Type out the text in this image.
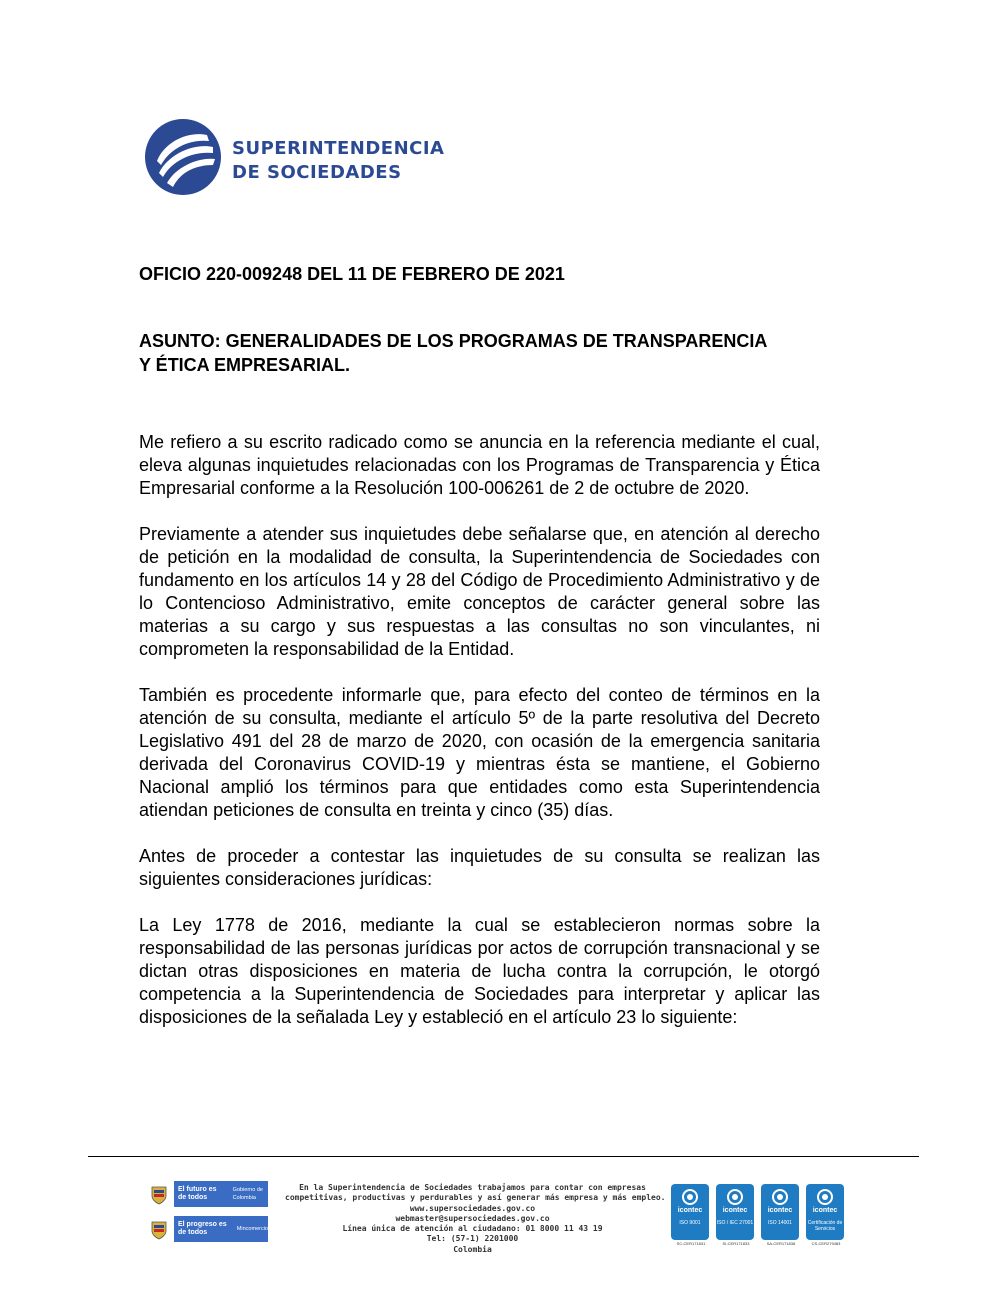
SUPERINTENDENCIA
DE SOCIEDADES

OFICIO 220-009248 DEL 11 DE FEBRERO DE 2021

ASUNTO: GENERALIDADES DE LOS PROGRAMAS DE TRANSPARENCIA
Y ÉTICA EMPRESARIAL.

Me refiero a su escrito radicado como se anuncia en la referencia mediante el cual, eleva algunas inquietudes relacionadas con los Programas de Transparencia y Ética Empresarial conforme a la Resolución 100-006261 de 2 de octubre de 2020.

Previamente a atender sus inquietudes debe señalarse que, en atención al derecho de petición en la modalidad de consulta, la Superintendencia de Sociedades con fundamento en los artículos 14 y 28 del Código de Procedimiento Administrativo y de lo Contencioso Administrativo, emite conceptos de carácter general sobre las materias a su cargo y sus respuestas a las consultas no son vinculantes, ni comprometen la responsabilidad de la Entidad.

También es procedente informarle que, para efecto del conteo de términos en la atención de su consulta, mediante el artículo 5º de la parte resolutiva del Decreto Legislativo 491 del 28 de marzo de 2020, con ocasión de la emergencia sanitaria derivada del Coronavirus COVID-19 y mientras ésta se mantiene, el Gobierno Nacional amplió los términos para que entidades como esta Superintendencia atiendan peticiones de consulta en treinta y cinco (35) días.

Antes de proceder a contestar las inquietudes de su consulta se realizan las siguientes consideraciones jurídicas:

La Ley 1778 de 2016, mediante la cual se establecieron normas sobre la responsabilidad de las personas jurídicas por actos de corrupción transnacional y se dictan otras disposiciones en materia de lucha contra la corrupción, le otorgó competencia a la Superintendencia de Sociedades para interpretar y aplicar las disposiciones de la señalada Ley y estableció en el artículo 23 lo siguiente:

El futuro es de todos
Gobierno de Colombia
El progreso es de todos	Mincomercio
En la Superintendencia de Sociedades trabajamos para contar con empresas
competitivas, productivas y perdurables y así generar más empresa y más empleo.
www.supersociedades.gov.co
webmaster@supersociedades.gov.co
Línea única de atención al ciudadano: 01 8000 11 43 19
Tel: (57-1) 2201000
Colombia
icontec
ISO 9001
SC-CER171831
icontec
ISO / IEC 27001
SI-CER171833
icontec
ISO 14001
SA-CER171838
icontec
Certificación de Servicios
CS-CER279483
